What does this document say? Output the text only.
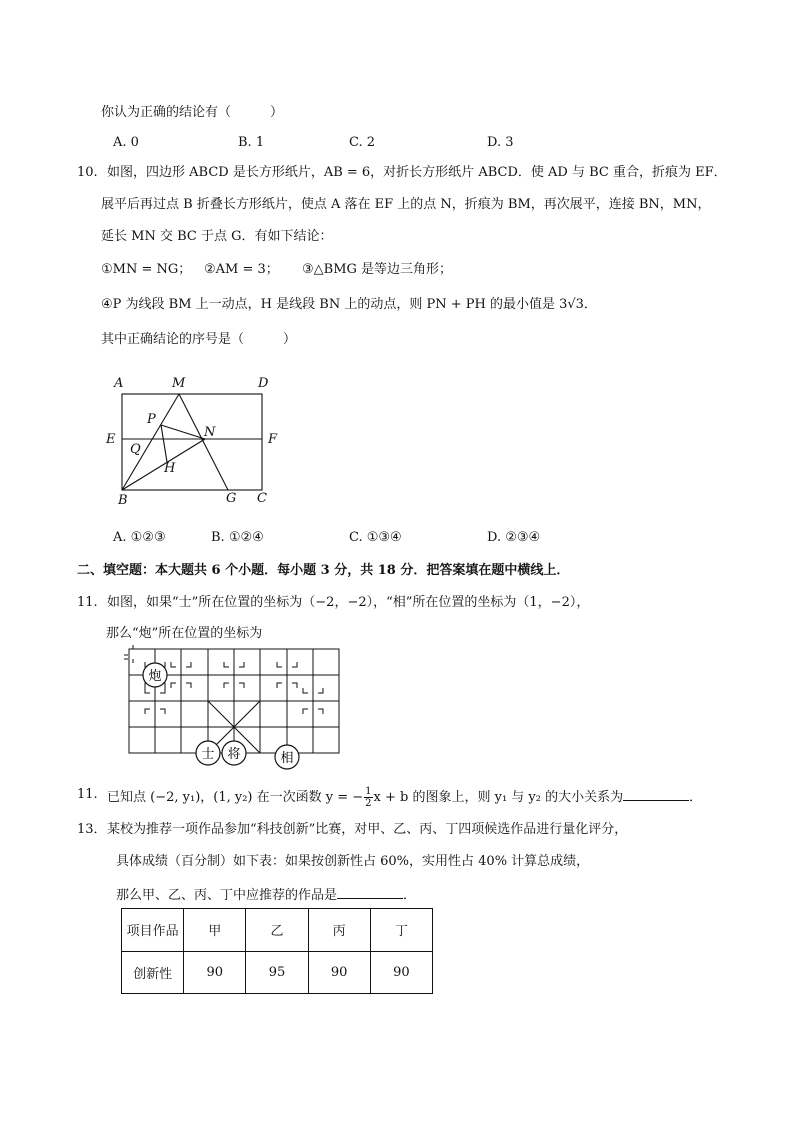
你认为正确的结论有（　　　）
A. 0	B. 1	C. 2	D. 3
10. 如图，四边形 ABCD 是长方形纸片，AB = 6，对折长方形纸片 ABCD．使 AD 与 BC 重合，折痕为 EF．
展平后再过点 B 折叠长方形纸片，使点 A 落在 EF 上的点 N，折痕为 BM，再次展平，连接 BN，MN，
延长 MN 交 BC 于点 G．有如下结论：
①MN = NG； ②AM = 3； ③△BMG 是等边三角形；
④P 为线段 BM 上一动点，H 是线段 BN 上的动点，则 PN + PH 的最小值是 3√3．
其中正确结论的序号是（　　　）
A	M	D
E	F
P
N
Q
H
B	G C
A. ①②③	B. ①②④	C. ①③④	D. ②③④
二、填空题：本大题共 6 个小题．每小题 3 分，共 18 分．把答案填在题中横线上．
11. 如图，如果“士”所在位置的坐标为（−2，−2），“相”所在位置的坐标为（1，−2），
那么“炮”所在位置的坐标为
炮
士 将	相
11. 已知点 (−2, y₁)，(1, y₂) 在一次函数 y = − $\frac{1}{2}$ x + b 的图象上，则 y₁ 与 y₂ 的大小关系为	．
13． 某校为推荐一项作品参加“科技创新”比赛，对甲、乙、丙、丁四项候选作品进行量化评分，
具体成绩（百分制）如下表：如果按创新性占 60%，实用性占 40% 计算总成绩，
那么甲、乙、丙、丁中应推荐的作品是	．
项目作品	甲	乙	丙	丁
创新性	90	95	90	90
